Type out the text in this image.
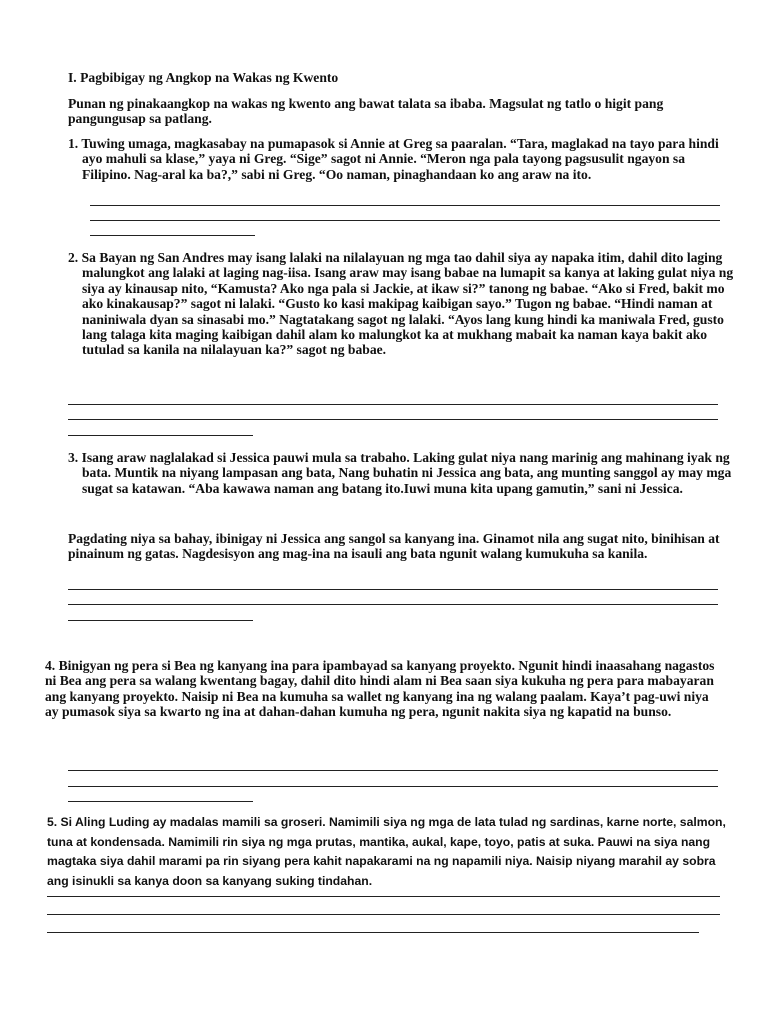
I. Pagbibigay ng Angkop na Wakas ng Kwento
Punan ng pinakaangkop na wakas ng kwento ang bawat talata sa ibaba. Magsulat ng tatlo o higit pang pangungusap sa patlang.
1. Tuwing umaga, magkasabay na pumapasok si Annie at Greg sa paaralan. “Tara, maglakad na tayo para hindi ayo mahuli sa klase,” yaya ni Greg. “Sige” sagot ni Annie. “Meron nga pala tayong pagsusulit ngayon sa Filipino. Nag-aral ka ba?,” sabi ni Greg. “Oo naman, pinaghandaan ko ang araw na ito.
2. Sa Bayan ng San Andres may isang lalaki na nilalayuan ng mga tao dahil siya ay napaka itim, dahil dito laging malungkot ang lalaki at laging nag-iisa. Isang araw may isang babae na lumapit sa kanya at laking gulat niya ng siya ay kinausap nito, “Kamusta? Ako nga pala si Jackie, at ikaw si?” tanong ng babae. “Ako si Fred, bakit mo ako kinakausap?” sagot ni lalaki. “Gusto ko kasi makipag kaibigan sayo.” Tugon ng babae. “Hindi naman at naniniwala dyan sa sinasabi mo.” Nagtatakang sagot ng lalaki. “Ayos lang kung hindi ka maniwala Fred, gusto lang talaga kita maging kaibigan dahil alam ko malungkot ka at mukhang mabait ka naman kaya bakit ako tutulad sa kanila na nilalayuan ka?” sagot ng babae.
3. Isang araw naglalakad si Jessica pauwi mula sa trabaho. Laking gulat niya nang marinig ang mahinang iyak ng bata. Muntik na niyang lampasan ang bata, Nang buhatin ni Jessica ang bata, ang munting sanggol ay may mga sugat sa katawan. “Aba kawawa naman ang batang ito.Iuwi muna kita upang gamutin,” sani ni Jessica.
Pagdating niya sa bahay, ibinigay ni Jessica ang sangol sa kanyang ina. Ginamot nila ang sugat nito, binihisan at pinainum ng gatas. Nagdesisyon ang mag-ina na isauli ang bata ngunit walang kumukuha sa kanila.
4. Binigyan ng pera si Bea ng kanyang ina para ipambayad sa kanyang proyekto. Ngunit hindi inaasahang nagastos ni Bea ang pera sa walang kwentang bagay, dahil dito hindi alam ni Bea saan siya kukuha ng pera para mabayaran ang kanyang proyekto. Naisip ni Bea na kumuha sa wallet ng kanyang ina ng walang paalam. Kaya’t pag-uwi niya ay pumasok siya sa kwarto ng ina at dahan-dahan kumuha ng pera, ngunit nakita siya ng kapatid na bunso.
5. Si Aling Luding ay madalas mamili sa groseri. Namimili siya ng mga de lata tulad ng sardinas, karne norte, salmon, tuna at kondensada. Namimili rin siya ng mga prutas, mantika, aukal, kape, toyo, patis at suka. Pauwi na siya nang magtaka siya dahil marami pa rin siyang pera kahit napakarami na ng napamili niya. Naisip niyang marahil ay sobra ang isinukli sa kanya doon sa kanyang suking tindahan.
